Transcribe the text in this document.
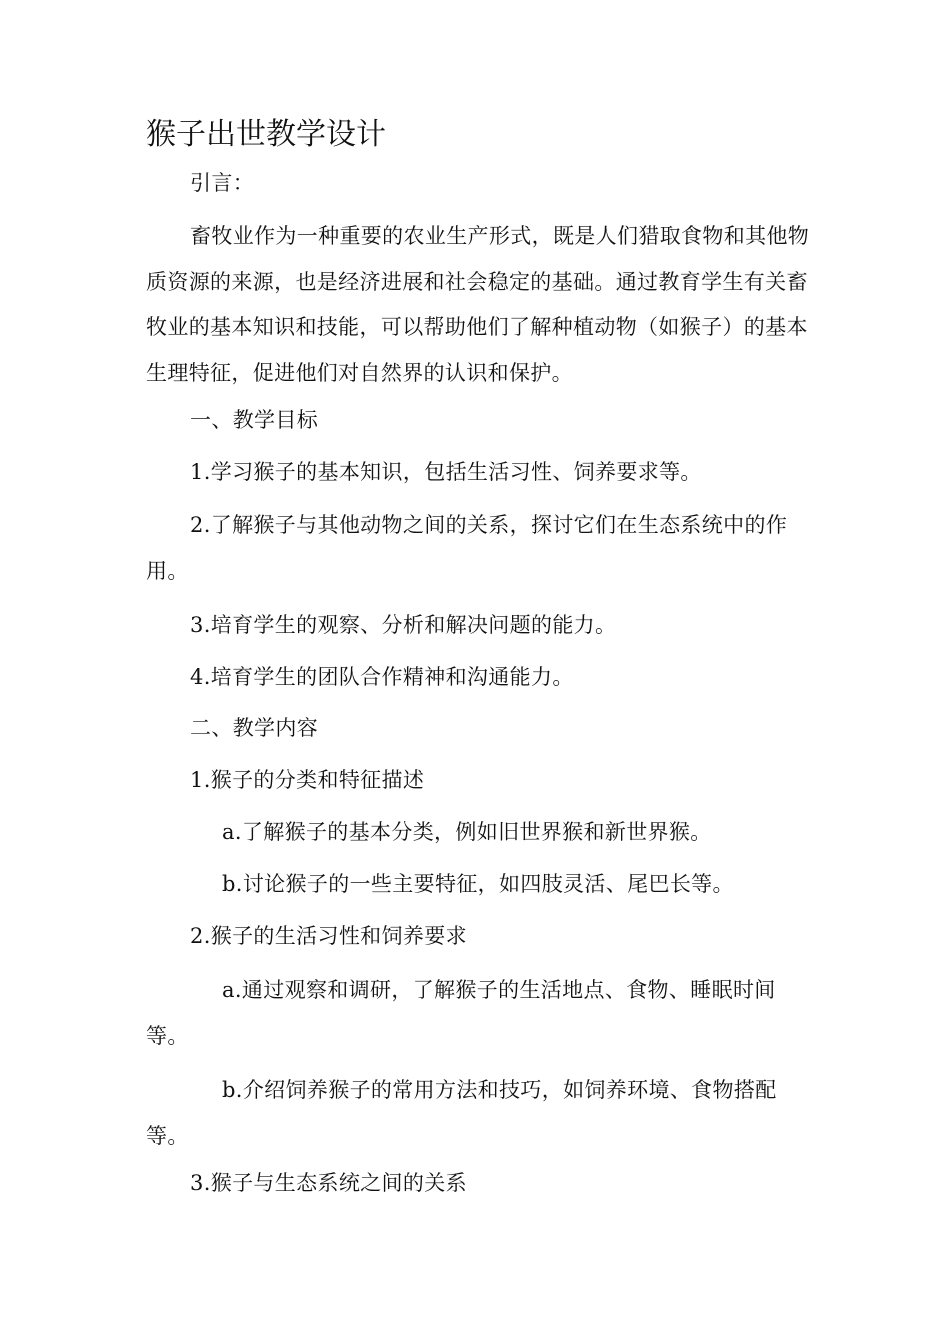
猴子出世教学设计

引言：

畜牧业作为一种重要的农业生产形式，既是人们猎取食物和其他物质资源的来源，也是经济进展和社会稳定的基础。通过教育学生有关畜牧业的基本知识和技能，可以帮助他们了解种植动物（如猴子）的基本生理特征，促进他们对自然界的认识和保护。

一、教学目标

1.学习猴子的基本知识，包括生活习性、饲养要求等。

2.了解猴子与其他动物之间的关系，探讨它们在生态系统中的作用。

3.培育学生的观察、分析和解决问题的能力。

4.培育学生的团队合作精神和沟通能力。

二、教学内容

1.猴子的分类和特征描述

a.了解猴子的基本分类，例如旧世界猴和新世界猴。

b.讨论猴子的一些主要特征，如四肢灵活、尾巴长等。

2.猴子的生活习性和饲养要求

a.通过观察和调研，了解猴子的生活地点、食物、睡眠时间等。

b.介绍饲养猴子的常用方法和技巧，如饲养环境、食物搭配等。

3.猴子与生态系统之间的关系
